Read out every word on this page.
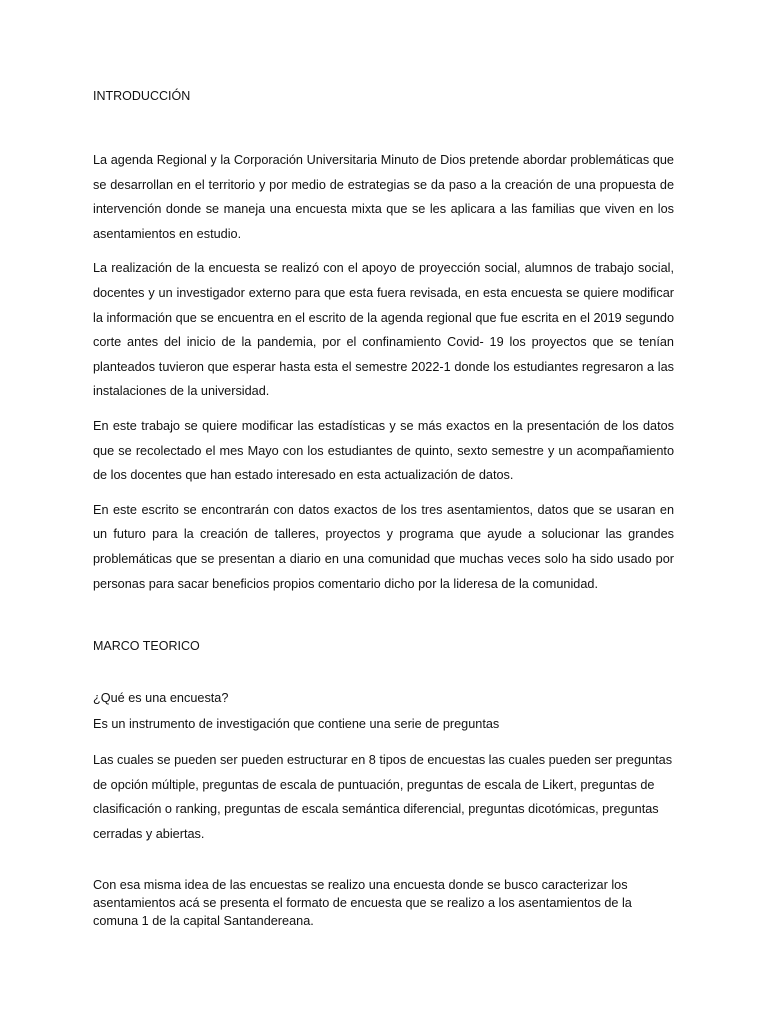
INTRODUCCIÓN

La agenda Regional y la Corporación Universitaria Minuto de Dios pretende abordar problemáticas que se desarrollan en el territorio y por medio de estrategias se da paso a la creación de una propuesta de intervención donde se maneja una encuesta mixta que se les aplicara a las familias que viven en los asentamientos en estudio.

La realización de la encuesta se realizó con el apoyo de proyección social, alumnos de trabajo social, docentes y un investigador externo para que esta fuera revisada, en esta encuesta se quiere modificar la información que se encuentra en el escrito de la agenda regional que fue escrita en el 2019 segundo corte antes del inicio de la pandemia, por el confinamiento Covid- 19 los proyectos que se tenían planteados tuvieron que esperar hasta esta el semestre 2022-1 donde los estudiantes regresaron a las instalaciones de la universidad.

En este trabajo se quiere modificar las estadísticas y se más exactos en la presentación de los datos que se recolectado el mes Mayo con los estudiantes de quinto, sexto semestre y un acompañamiento de los docentes que han estado interesado en esta actualización de datos.

En este escrito se encontrarán con datos exactos de los tres asentamientos, datos que se usaran en un futuro para la creación de talleres, proyectos y programa que ayude a solucionar las grandes problemáticas que se presentan a diario en una comunidad que muchas veces solo ha sido usado por personas para sacar beneficios propios comentario dicho por la lideresa de la comunidad.

MARCO TEORICO

¿Qué es una encuesta?

Es un instrumento de investigación que contiene una serie de preguntas

Las cuales se pueden ser pueden estructurar en 8 tipos de encuestas las cuales pueden ser preguntas de opción múltiple, preguntas de escala de puntuación, preguntas de escala de Likert, preguntas de clasificación o ranking, preguntas de escala semántica diferencial, preguntas dicotómicas, preguntas cerradas y abiertas.

Con esa misma idea de las encuestas se realizo una encuesta donde se busco caracterizar los asentamientos acá se presenta el formato de encuesta que se realizo a los asentamientos de la comuna 1 de la capital Santandereana.
